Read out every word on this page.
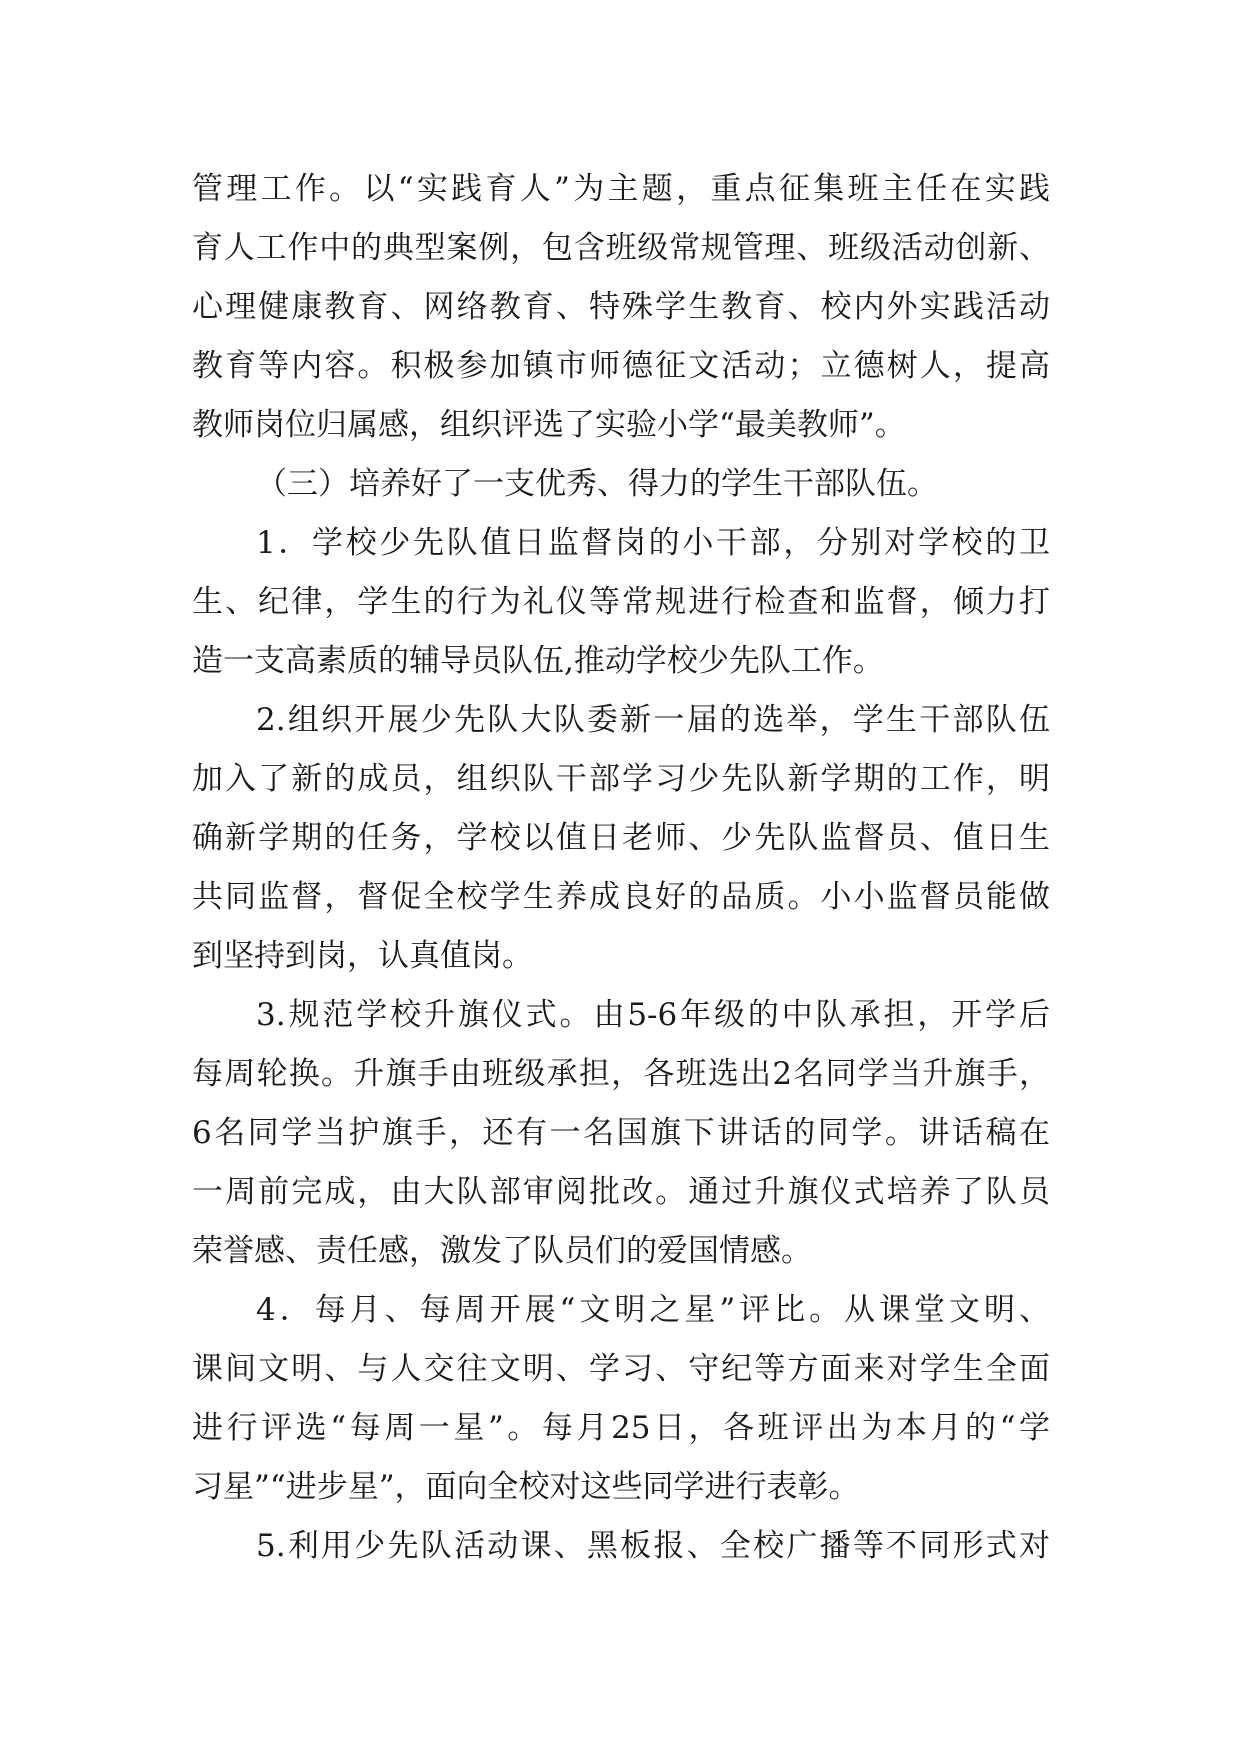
管理工作。以“实践育人”为主题，重点征集班主任在实践
育人工作中的典型案例，包含班级常规管理、班级活动创新、
心理健康教育、网络教育、特殊学生教育、校内外实践活动
教育等内容。积极参加镇市师德征文活动；立德树人，提高
教师岗位归属感，组织评选了实验小学“最美教师”。
（三）培养好了一支优秀、得力的学生干部队伍。
1．学校少先队值日监督岗的小干部，分别对学校的卫
生、纪律，学生的行为礼仪等常规进行检查和监督，倾力打
造一支高素质的辅导员队伍,推动学校少先队工作。
2.组织开展少先队大队委新一届的选举，学生干部队伍
加入了新的成员，组织队干部学习少先队新学期的工作，明
确新学期的任务，学校以值日老师、少先队监督员、值日生
共同监督，督促全校学生养成良好的品质。小小监督员能做
到坚持到岗，认真值岗。
3.规范学校升旗仪式。由5-6年级的中队承担，开学后
每周轮换。升旗手由班级承担，各班选出2名同学当升旗手，
6名同学当护旗手，还有一名国旗下讲话的同学。讲话稿在
一周前完成，由大队部审阅批改。通过升旗仪式培养了队员
荣誉感、责任感，激发了队员们的爱国情感。
4．每月、每周开展“文明之星”评比。从课堂文明、
课间文明、与人交往文明、学习、守纪等方面来对学生全面
进行评选“每周一星”。每月25日，各班评出为本月的“学
习星”“进步星”，面向全校对这些同学进行表彰。
5.利用少先队活动课、黑板报、全校广播等不同形式对
